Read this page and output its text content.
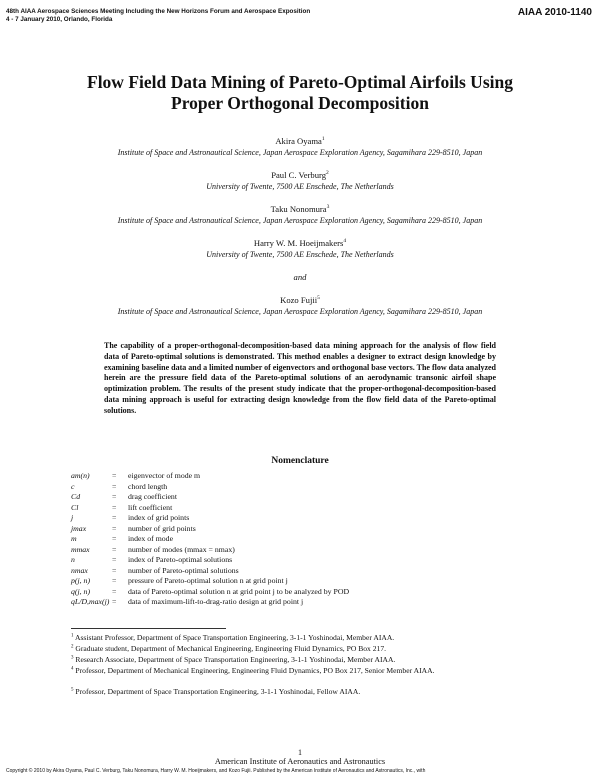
48th AIAA Aerospace Sciences Meeting Including the New Horizons Forum and Aerospace Exposition
4 - 7 January 2010, Orlando, Florida
AIAA 2010-1140
Flow Field Data Mining of Pareto-Optimal Airfoils Using
Proper Orthogonal Decomposition
Akira Oyama$^1$
Institute of Space and Astronautical Science, Japan Aerospace Exploration Agency, Sagamihara 229-8510, Japan
Paul C. Verburg$^2$
University of Twente, 7500 AE Enschede, The Netherlands
Taku Nonomura$^3$
Institute of Space and Astronautical Science, Japan Aerospace Exploration Agency, Sagamihara 229-8510, Japan
Harry W. M. Hoeijmakers$^4$
University of Twente, 7500 AE Enschede, The Netherlands
and
Kozo Fujii$^5$
Institute of Space and Astronautical Science, Japan Aerospace Exploration Agency, Sagamihara 229-8510, Japan
The capability of a proper-orthogonal-decomposition-based data mining approach for the analysis of flow field data of Pareto-optimal solutions is demonstrated. This method enables a designer to extract design knowledge by examining baseline data and a limited number of eigenvectors and orthogonal base vectors. The flow data analyzed herein are the pressure field data of the Pareto-optimal solutions of an aerodynamic transonic airfoil shape optimization problem. The results of the present study indicate that the proper-orthogonal-decomposition-based data mining approach is useful for extracting design knowledge from the flow field data of the Pareto-optimal solutions.
Nomenclature
am(n)	= eigenvector of mode m
c	= chord length
Cd	= drag coefficient
Cl	= lift coefficient
j	= index of grid points
jmax	= number of grid points
m	= index of mode
mmax	= number of modes (mmax = nmax)
n	= index of Pareto-optimal solutions
nmax	= number of Pareto-optimal solutions
p(j, n)	= pressure of Pareto-optimal solution n at grid point j
q(j, n)	= data of Pareto-optimal solution n at grid point j to be analyzed by POD
qL/D,max(j) = data of maximum-lift-to-drag-ratio design at grid point j
$^1$ Assistant Professor, Department of Space Transportation Engineering, 3-1-1 Yoshinodai, Member AIAA.
$^2$ Graduate student, Department of Mechanical Engineering, Engineering Fluid Dynamics, PO Box 217.
$^3$ Research Associate, Department of Space Transportation Engineering, 3-1-1 Yoshinodai, Member AIAA.
$^4$ Professor, Department of Mechanical Engineering, Engineering Fluid Dynamics, PO Box 217, Senior Member AIAA.
$^5$ Professor, Department of Space Transportation Engineering, 3-1-1 Yoshinodai, Fellow AIAA.
1
American Institute of Aeronautics and Astronautics
Copyright © 2010 by Akira Oyama, Paul C. Verburg, Taku Nonomura, Harry W. M. Hoeijmakers, and Kozo Fujii. Published by the American Institute of Aeronautics and Astronautics, Inc., with
